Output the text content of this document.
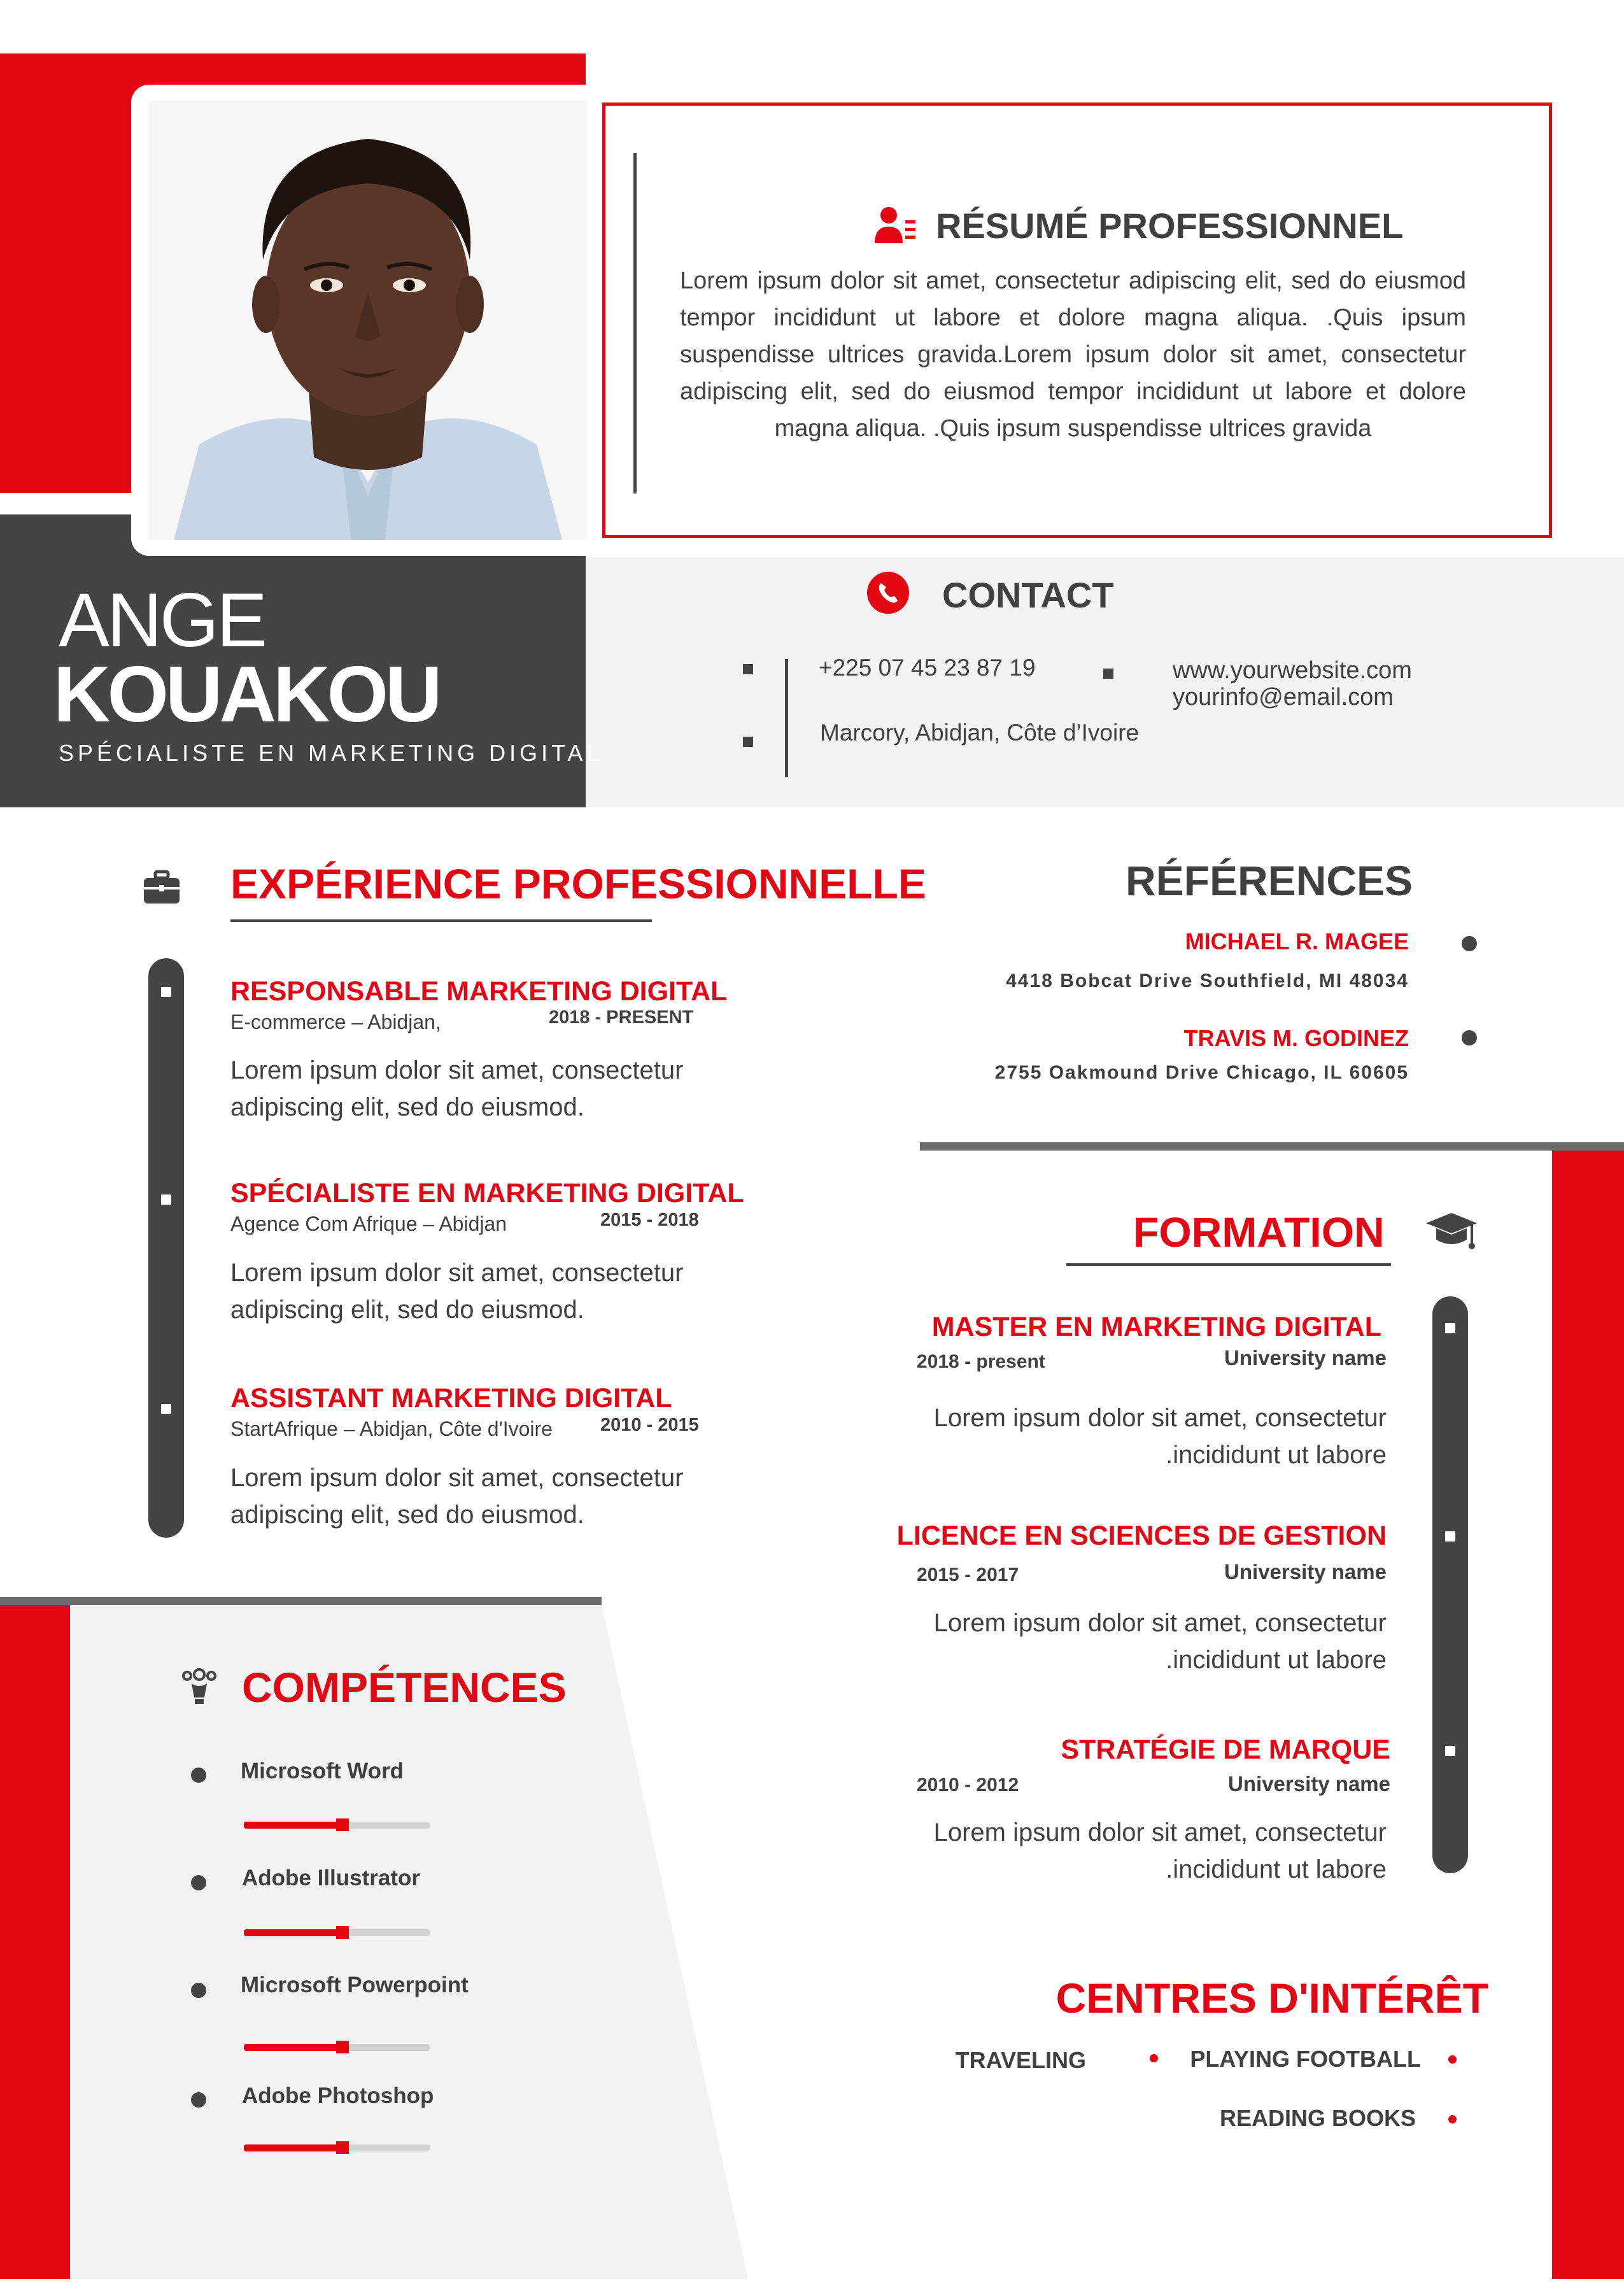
RÉSUMÉ PROFESSIONNEL
Lorem ipsum dolor sit amet, consectetur adipiscing elit, sed do eiusmod
tempor incididunt ut labore et dolore magna aliqua. .Quis ipsum
suspendisse ultrices gravida.Lorem ipsum dolor sit amet, consectetur
adipiscing elit, sed do eiusmod tempor incididunt ut labore et dolore
magna aliqua. .Quis ipsum suspendisse ultrices gravida
ANGE
KOUAKOU
SPÉCIALISTE EN MARKETING DIGITAL
CONTACT
+225 07 45 23 87 19
Marcory, Abidjan, Côte d’Ivoire
www.yourwebsite.com
yourinfo@email.com
EXPÉRIENCE PROFESSIONNELLE
RESPONSABLE MARKETING DIGITAL
E-commerce – Abidjan,	2018 - PRESENT
Lorem ipsum dolor sit amet, consectetur
adipiscing elit, sed do eiusmod.
SPÉCIALISTE EN MARKETING DIGITAL
Agence Com Afrique – Abidjan	2015 - 2018
Lorem ipsum dolor sit amet, consectetur
adipiscing elit, sed do eiusmod.
ASSISTANT MARKETING DIGITAL
StartAfrique – Abidjan, Côte d'Ivoire	2010 - 2015
Lorem ipsum dolor sit amet, consectetur
adipiscing elit, sed do eiusmod.
RÉFÉRENCES
MICHAEL R. MAGEE
4418 Bobcat Drive Southfield, MI 48034
TRAVIS M. GODINEZ
2755 Oakmound Drive Chicago, IL 60605
FORMATION
MASTER EN MARKETING DIGITAL
2018 - present	University name
Lorem ipsum dolor sit amet, consectetur
.incididunt ut labore
LICENCE EN SCIENCES DE GESTION
2015 - 2017	University name
Lorem ipsum dolor sit amet, consectetur
.incididunt ut labore
STRATÉGIE DE MARQUE
2010 - 2012	University name
Lorem ipsum dolor sit amet, consectetur
.incididunt ut labore
COMPÉTENCES
Microsoft Word
Adobe Illustrator
Microsoft Powerpoint
Adobe Photoshop
CENTRES D'INTÉRÊT
TRAVELING	PLAYING FOOTBALL
READING BOOKS
